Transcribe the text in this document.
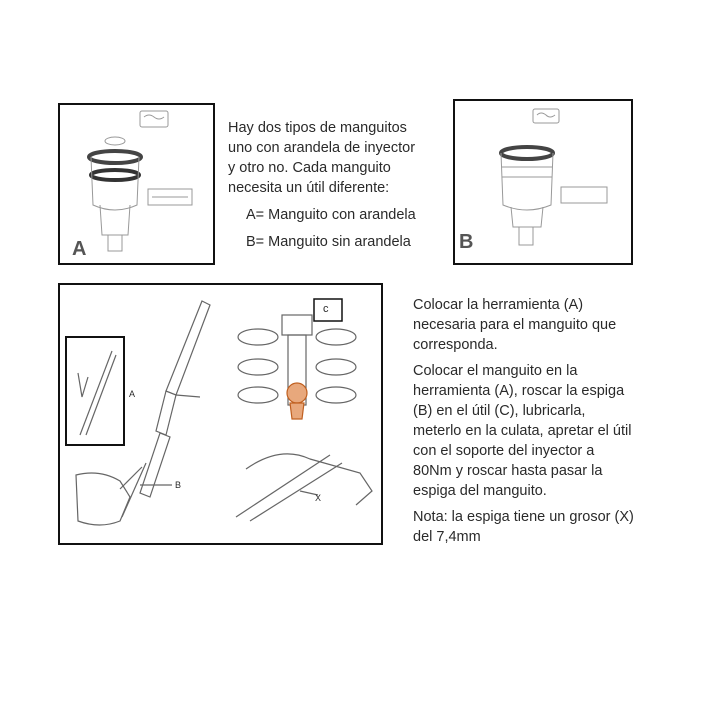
A

Hay dos tipos de manguitos

uno con arandela de inyector

y otro no. Cada manguito

necesita un útil diferente:

A= Manguito con arandela

B= Manguito sin arandela B
A
B
c
X

Colocar la herramienta (A)

necesaria para el manguito que

corresponda.

Colocar el manguito en la

herramienta (A), roscar la espiga

(B) en el útil (C), lubricarla,

meterlo en la culata, apretar el útil

con el soporte del inyector a

80Nm y roscar hasta pasar la

espiga del manguito.

Nota: la espiga tiene un grosor (X)

del 7,4mm
